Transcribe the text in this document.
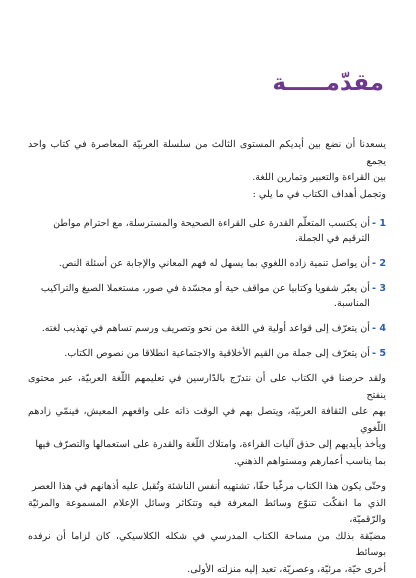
مقدّمـــــة

يسعدنا أن نضع بين أيديكم المستوى الثالث من سلسلة العربيّة المعاصرة في كتاب واحد يجمع
بين القراءة والتعبير وتمارين اللغة.
وتجمل أهداف الكتاب في ما يلي :

1 -
أن يكتسب المتعلّم القدرة على القراءة الصحيحة والمسترسلة، مع احترام مواطن الترقيم في الجملة.
2 -
أن يواصل تنمية زاده اللغوي بما يسهل له فهم المعاني والإجابة عن أسئلة النص.
3 -
أن يعبّر شفويا وكتابيا عن مواقف حية أو مجسّدة في صور، مستعملا الصيغ والتراكيب المناسبة.
4 -
أن يتعرّف إلى قواعد أولية في اللغة من نحو وتصريف ورسم تساهم في تهذيب لغته.
5 -
أن يتعرّف إلى جملة من القيم الأخلاقية والاجتماعية انطلاقا من نصوص الكتاب.

ولقد حرصنا في الكتاب على أن نتدرّج بالدّارسين في تعليمهم اللّغة العربيّة، عبر محتوى ينفتح
بهم على الثقافة العربيّة، ويتصل بهم في الوقت ذاته على واقعهم المعيش، فينمّي زادهم اللّغوي
ويأخذ بأيديهم إلى حذق آليات القراءة، وامتلاك اللّغة والقدرة على استعمالها والتصرّف فيها
بما يناسب أعمارهم ومستواهم الذهني.

وحتّى يكون هذا الكتاب مرغّبا حقّا، تشتهيه أنفس الناشئة وتُقبل عليه أذهانهم في هذا العصر
الذي ما انفكّت تتنوّع وسائط المعرفة فيه وتتكاثر وسائل الإعلام المسموعة والمرئيّة والرّقميّة،
مضيّقة بذلك من مساحة الكتاب المدرسي في شكله الكلاسيكي، كان لزاما أن نرفده بوسائط
أخرى حيّة، مرئيّة، وعصريّة، تعيد إليه منزلته الأولى.
